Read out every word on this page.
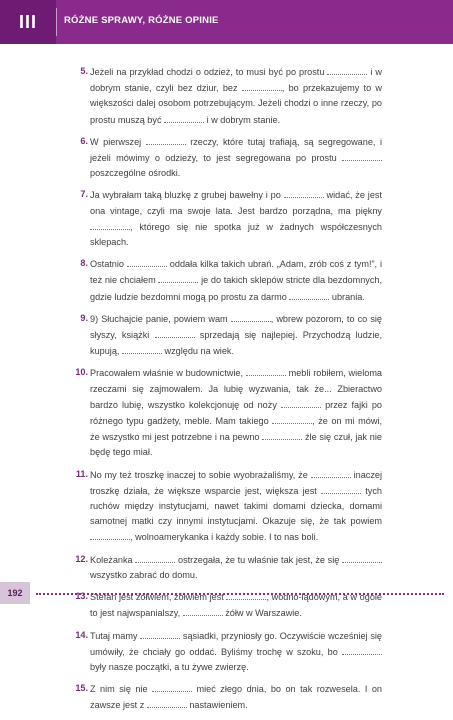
III	RÓŻNE SPRAWY, RÓŻNE OPINIE
5. Jeżeli na przykład chodzi o odzież, to musi być po prostu	i w dobrym stanie, czyli bez dziur, bez	, bo przekazujemy to w większości dalej osobom potrzebującym. Jeżeli chodzi o inne rzeczy, po prostu muszą być	i w dobrym stanie.

6. W pierwszej	rzeczy, które tutaj trafiają, są segregowane, i jeżeli mówimy o odzieży, to jest segregowana po prostu  poszczególne ośrodki.

7. Ja wybrałam taką bluzkę z grubej bawełny i po	widać, że jest ona vintage, czyli ma swoje lata. Jest bardzo porządna, ma piękny , którego się nie spotka już w żadnych współczesnych sklepach.

8. Ostatnio	oddała kilka takich ubrań. „Adam, zrób coś z tym!”, i też nie chciałem	je do takich sklepów stricte dla bezdomnych, gdzie ludzie bezdomni mogą po prostu za darmo	ubrania.

9. 9) Słuchajcie panie, powiem wam	, wbrew pozorom, to co się słyszy, książki	sprzedają się najlepiej. Przychodzą ludzie, kupują,	względu na wiek.

10. Pracowałem właśnie w budownictwie,	mebli robiłem, wieloma rzeczami się zajmowałem. Ja lubię wyzwania, tak że... Zbieractwo bardzo lubię, wszystko kolekcjonuję od noży	przez fajki po różnego typu gadżety, meble. Mam takiego	, że on mi mówi, że wszystko mi jest potrzebne i na pewno	źle się czuł, jak nie będę tego miał.

11. No my też troszkę inaczej to sobie wyobrażaliśmy, że	inaczej troszkę działa, że większe wsparcie jest, większa jest	tych ruchów między instytucjami, nawet takimi domami dziecka, domami samotnej matki czy innymi instytucjami. Okazuje się, że tak powiem , wolnoamerykanka i każdy sobie. I to nas boli.

12. Koleżanka	ostrzegała, że tu właśnie tak jest, że się  wszystko zabrać do domu.

13. Stefan jest żółwiem, żółwiem jest	, wodno-lądowym, a w ogóle to jest najwspanialszy,	żółw w Warszawie.

14. Tutaj mamy	sąsiadki, przyniosły go. Oczywiście wcześniej się umówiły, że chciały go oddać. Byliśmy trochę w szoku, bo  były nasze początki, a tu żywe zwierzę.

15. Z nim się nie	mieć złego dnia, bo on tak rozwesela. I on zawsze jest z	nastawieniem.

192
